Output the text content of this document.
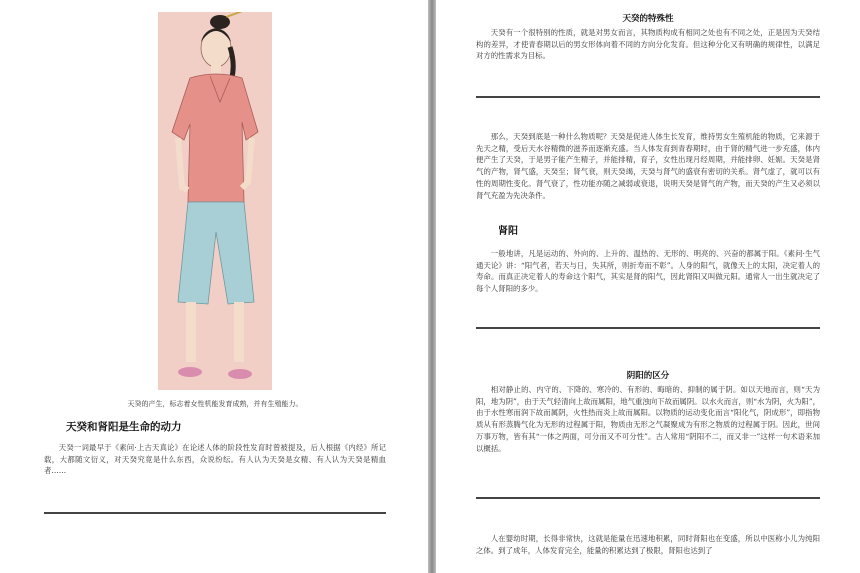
天癸的产生，标志着女性机能发育成熟，并有生殖能力。
天癸和肾阳是生命的动力

天癸一词最早于《素问·上古天真论》在论述人体的阶段性发育时曾被提及，后人根据《内经》所记载，大都随文衍义，对天癸究竟是什么东西，众说纷纭。有人认为天癸是女精、有人认为天癸是精血者……

天癸的特殊性

天癸有一个很特别的性质，就是对男女而言，其物质构成有相同之处也有不同之处，正是因为天癸结构的差异，才使青春期以后的男女形体向着不同的方向分化发育。但这种分化又有明确的规律性，以满足对方的性需求为目标。

那么，天癸到底是一种什么物质呢？天癸是促进人体生长发育，维持男女生殖机能的物质，它来源于先天之精，受后天水谷精微的滋养而逐渐充盛。当人体发育到青春期时，由于肾的精气进一步充盛，体内便产生了天癸，于是男子能产生精子，并能排精，育子，女性出现月经周期，并能排卵、妊娠。天癸是肾气的产物，肾气盛，天癸至；肾气衰，则天癸竭，天癸与肾气的盛衰有密切的关系。肾气虚了，就可以有性的周期性变化。肾气衰了，性功能亦随之减弱或衰退，说明天癸是肾气的产物，而天癸的产生又必须以肾气充盈为先决条件。

肾阳

一般地讲，凡是运动的、外向的、上升的、温热的、无形的、明亮的、兴奋的都属于阳。《素问·生气通天论》讲：“阳气者，若天与日，失其所，则折寿而不彰”。人身的阳气，就像天上的太阳，决定着人的寿命。而真正决定着人的寿命这个阳气，其实是肾的阳气，因此肾阳又叫做元阳。通常人一出生就决定了每个人肾阳的多少。

阴阳的区分

相对静止的、内守的、下降的、寒冷的、有形的、晦暗的、抑制的属于阴。如以天地而言，则“天为阳，地为阴”，由于天气轻清向上故而属阳，地气重浊向下故而属阴。以水火而言，则“水为阴，火为阳”，由于水性寒而润下故而属阴，火性热而炎上故而属阳。以物质的运动变化而言“阳化气，阴成形”，即指物质从有形蒸腾气化为无形的过程属于阳，物质由无形之气凝聚成为有形之物质的过程属于阴。因此，世间万事万物，皆有其“一体之两面，可分而又不可分性”。古人常用“阴阳不二，而又非一”这样一句术语来加以概括。

人在婴幼时期，长得非常快，这就是能量在迅速地积累，同时肾阳也在变盛，所以中医称小儿为纯阳之体。到了成年，人体发育完全，能量的积累达到了极限，肾阳也达到了
